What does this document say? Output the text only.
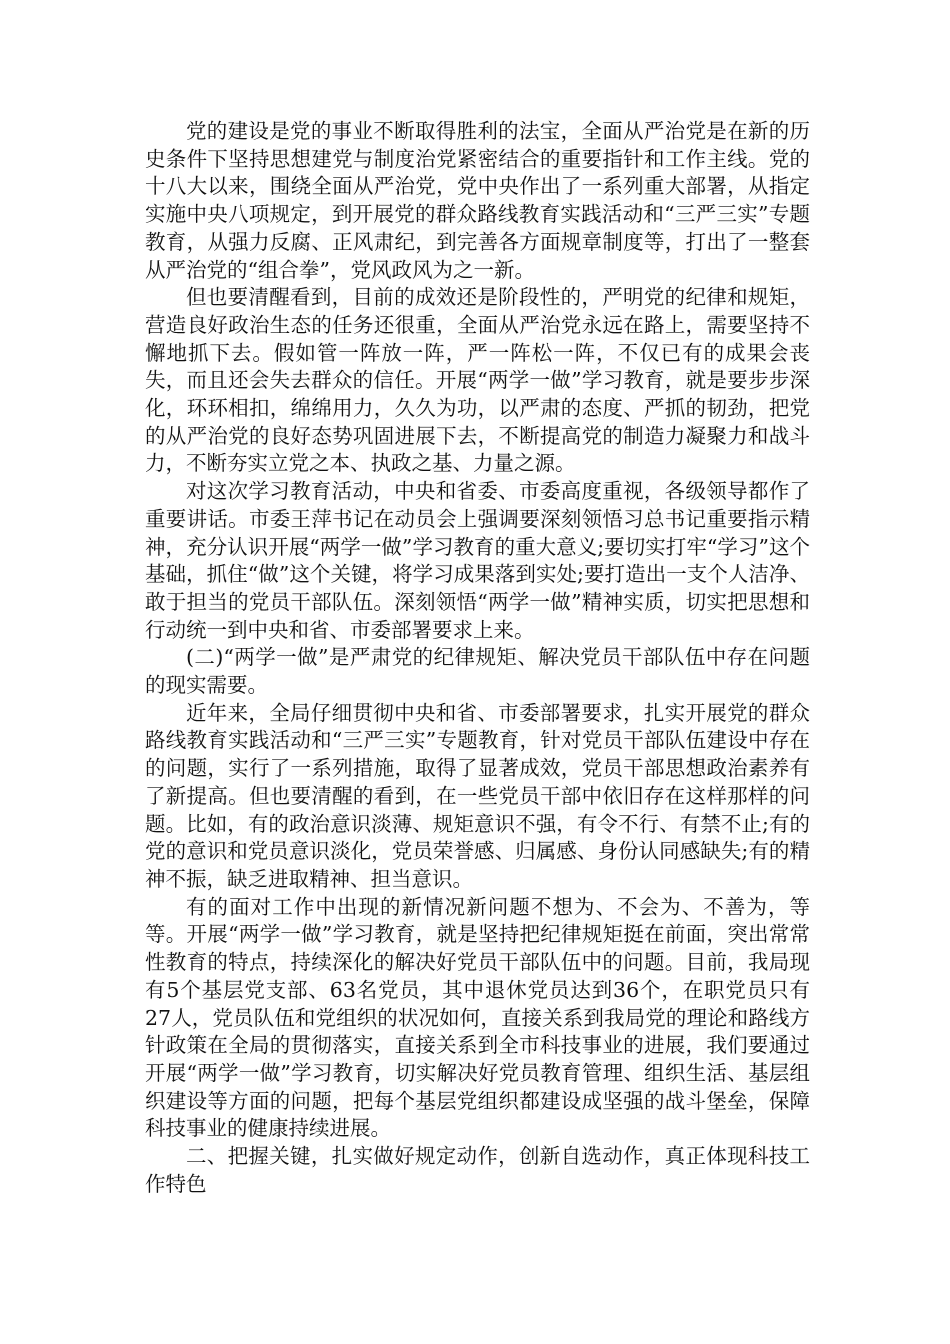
党的建设是党的事业不断取得胜利的法宝，全面从严治党是在新的历史条件下坚持思想建党与制度治党紧密结合的重要指针和工作主线。党的十八大以来，围绕全面从严治党，党中央作出了一系列重大部署，从指定实施中央八项规定，到开展党的群众路线教育实践活动和“三严三实”专题教育，从强力反腐、正风肃纪，到完善各方面规章制度等，打出了一整套从严治党的“组合拳”，党风政风为之一新。

但也要清醒看到，目前的成效还是阶段性的，严明党的纪律和规矩，营造良好政治生态的任务还很重，全面从严治党永远在路上，需要坚持不懈地抓下去。假如管一阵放一阵，严一阵松一阵，不仅已有的成果会丧失，而且还会失去群众的信任。开展“两学一做”学习教育，就是要步步深化，环环相扣，绵绵用力，久久为功，以严肃的态度、严抓的韧劲，把党的从严治党的良好态势巩固进展下去，不断提高党的制造力凝聚力和战斗力，不断夯实立党之本、执政之基、力量之源。

对这次学习教育活动，中央和省委、市委高度重视，各级领导都作了重要讲话。市委王萍书记在动员会上强调要深刻领悟习总书记重要指示精神，充分认识开展“两学一做”学习教育的重大意义;要切实打牢“学习”这个基础，抓住“做”这个关键，将学习成果落到实处;要打造出一支个人洁净、敢于担当的党员干部队伍。深刻领悟“两学一做”精神实质，切实把思想和行动统一到中央和省、市委部署要求上来。

(二)“两学一做”是严肃党的纪律规矩、解决党员干部队伍中存在问题的现实需要。

近年来，全局仔细贯彻中央和省、市委部署要求，扎实开展党的群众路线教育实践活动和“三严三实”专题教育，针对党员干部队伍建设中存在的问题，实行了一系列措施，取得了显著成效，党员干部思想政治素养有了新提高。但也要清醒的看到，在一些党员干部中依旧存在这样那样的问题。比如，有的政治意识淡薄、规矩意识不强，有令不行、有禁不止;有的党的意识和党员意识淡化，党员荣誉感、归属感、身份认同感缺失;有的精神不振，缺乏进取精神、担当意识。

有的面对工作中出现的新情况新问题不想为、不会为、不善为，等等。开展“两学一做”学习教育，就是坚持把纪律规矩挺在前面，突出常常性教育的特点，持续深化的解决好党员干部队伍中的问题。目前，我局现有5个基层党支部、63名党员，其中退休党员达到36个，在职党员只有27人，党员队伍和党组织的状况如何，直接关系到我局党的理论和路线方针政策在全局的贯彻落实，直接关系到全市科技事业的进展，我们要通过开展“两学一做”学习教育，切实解决好党员教育管理、组织生活、基层组织建设等方面的问题，把每个基层党组织都建设成坚强的战斗堡垒，保障科技事业的健康持续进展。

二、把握关键，扎实做好规定动作，创新自选动作，真正体现科技工作特色
